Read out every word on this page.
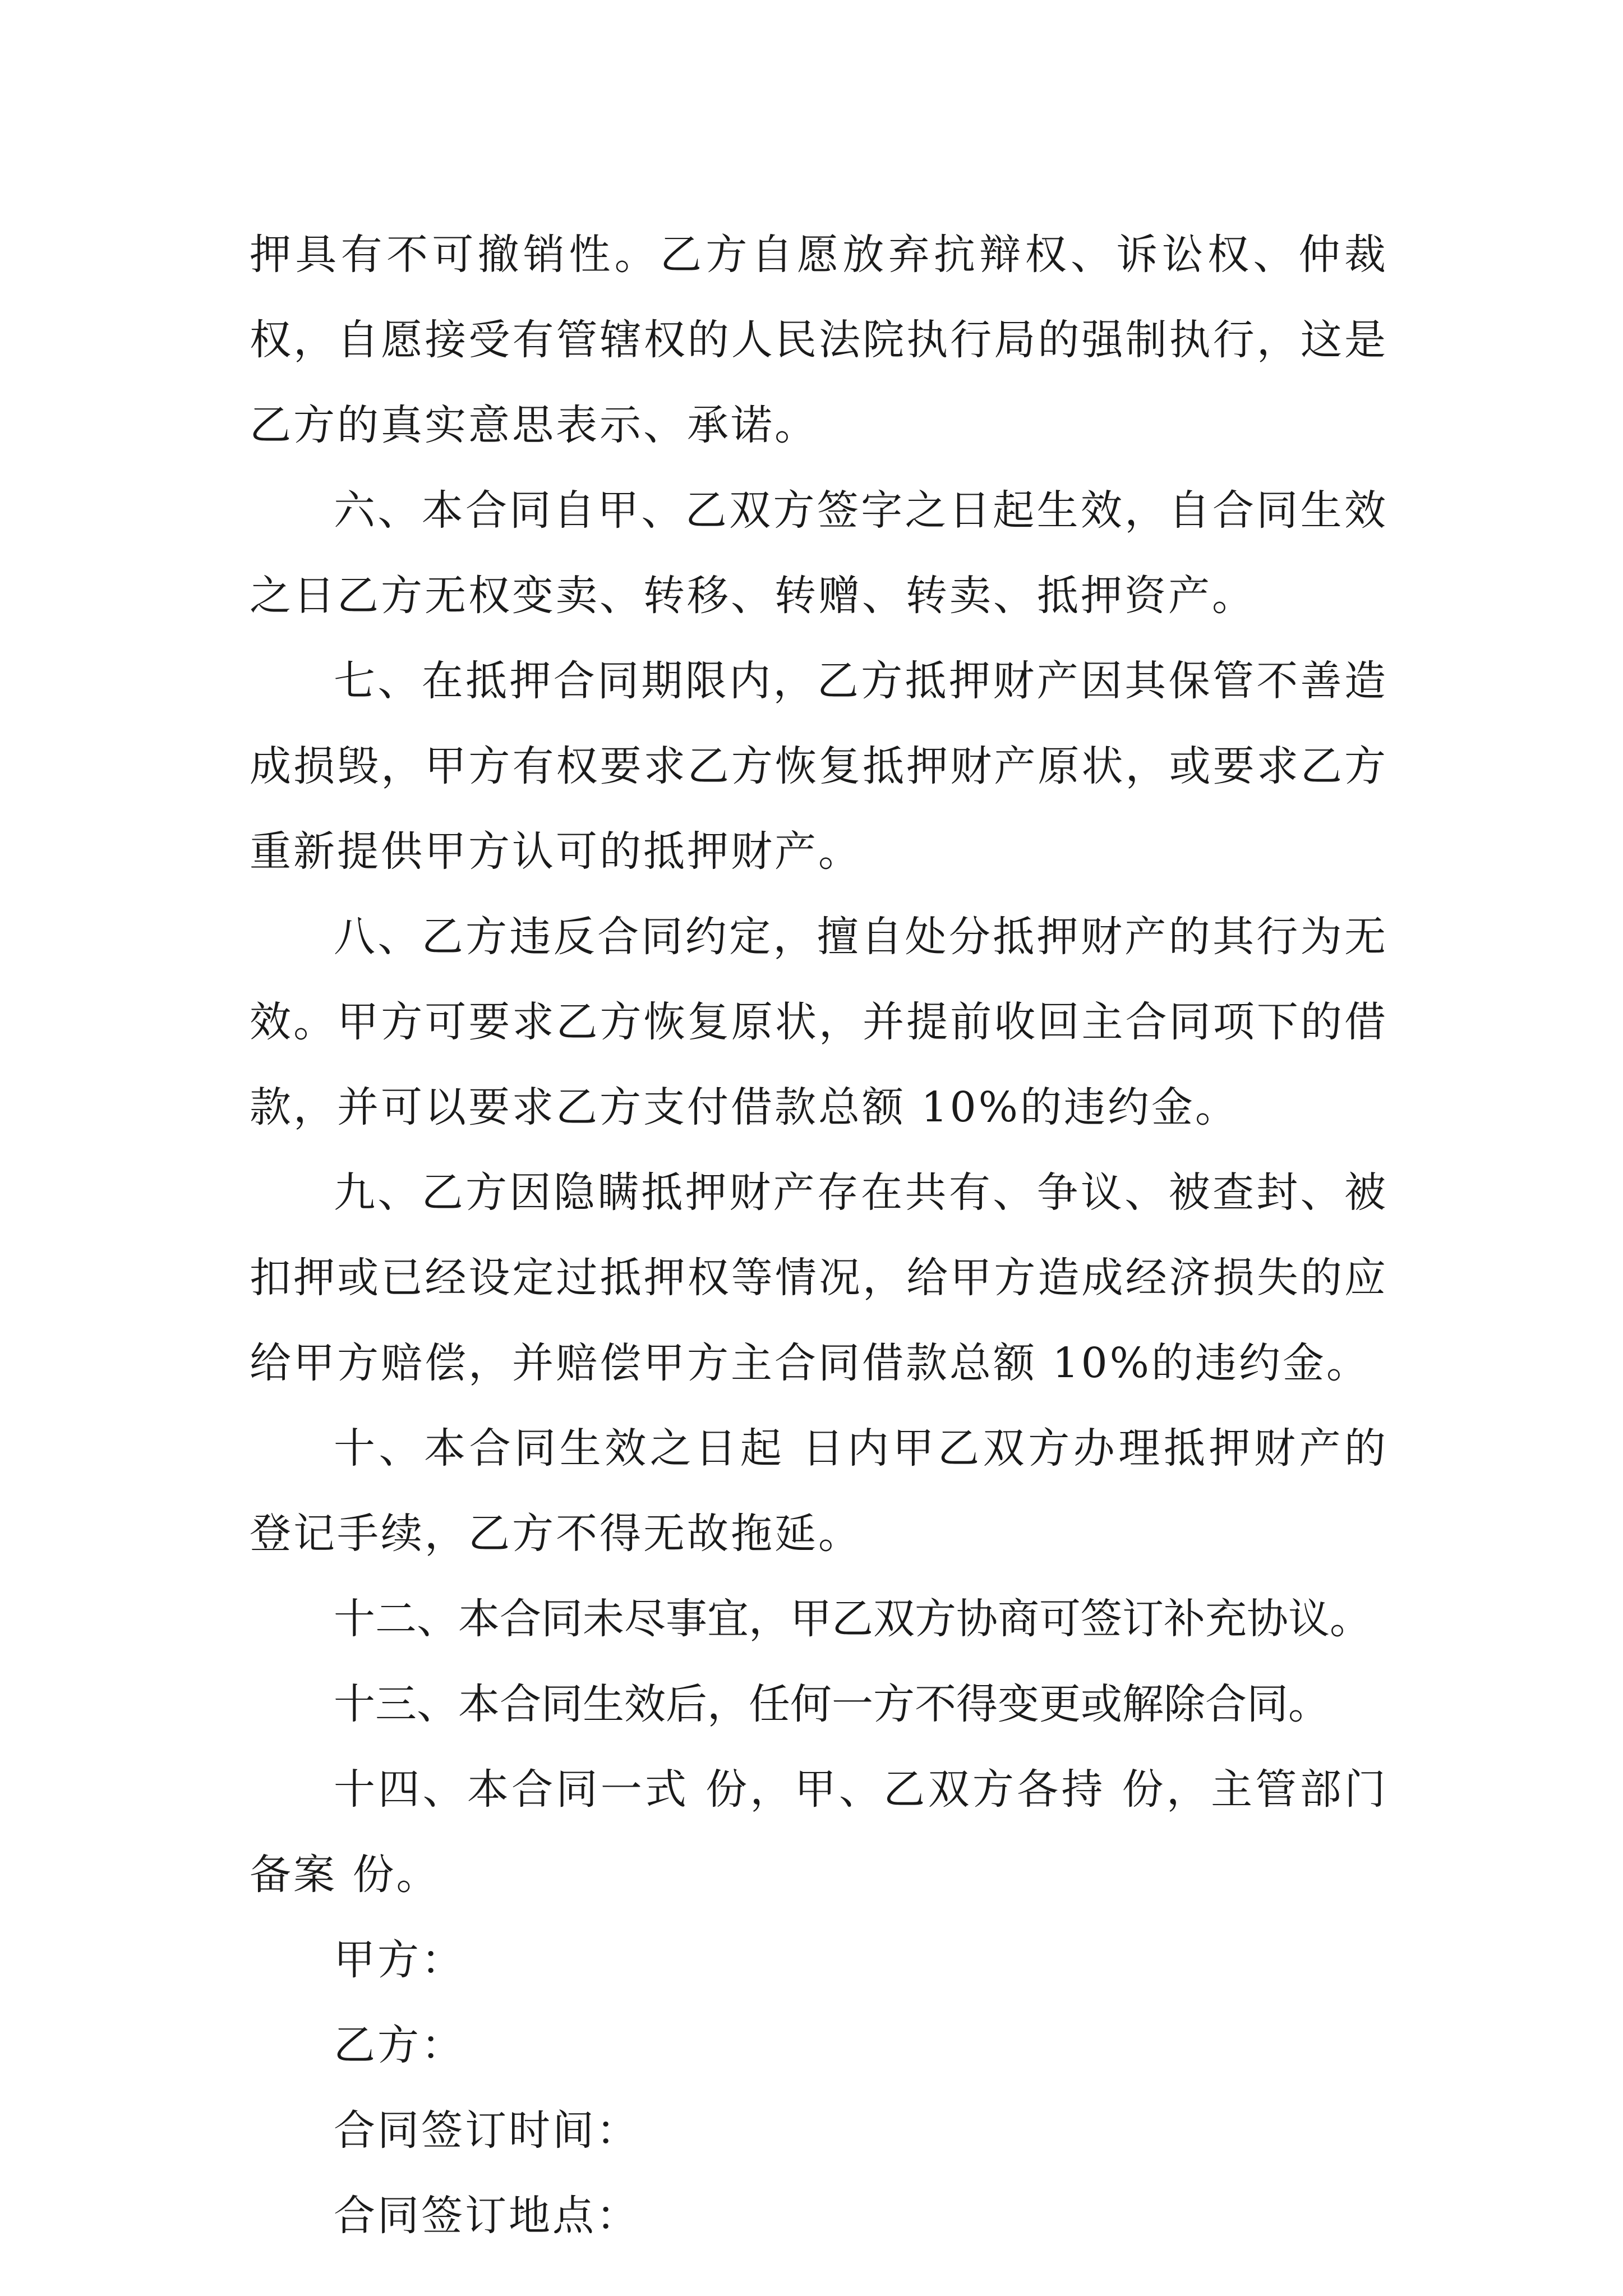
押具有不可撤销性。乙方自愿放弃抗辩权、诉讼权、仲裁权，自愿接受有管辖权的人民法院执行局的强制执行，这是乙方的真实意思表示、承诺。

六、本合同自甲、乙双方签字之日起生效，自合同生效之日乙方无权变卖、转移、转赠、转卖、抵押资产。

七、在抵押合同期限内，乙方抵押财产因其保管不善造成损毁，甲方有权要求乙方恢复抵押财产原状，或要求乙方重新提供甲方认可的抵押财产。

八、乙方违反合同约定，擅自处分抵押财产的其行为无效。甲方可要求乙方恢复原状，并提前收回主合同项下的借款，并可以要求乙方支付借款总额 10%的违约金。

九、乙方因隐瞒抵押财产存在共有、争议、被查封、被扣押或已经设定过抵押权等情况，给甲方造成经济损失的应给甲方赔偿，并赔偿甲方主合同借款总额 10%的违约金。

十、本合同生效之日起 日内甲乙双方办理抵押财产的登记手续，乙方不得无故拖延。

十二、本合同未尽事宜，甲乙双方协商可签订补充协议。

十三、本合同生效后，任何一方不得变更或解除合同。

十四、本合同一式 份，甲、乙双方各持 份，主管部门备案 份。

甲方：

乙方：

合同签订时间：

合同签订地点：
